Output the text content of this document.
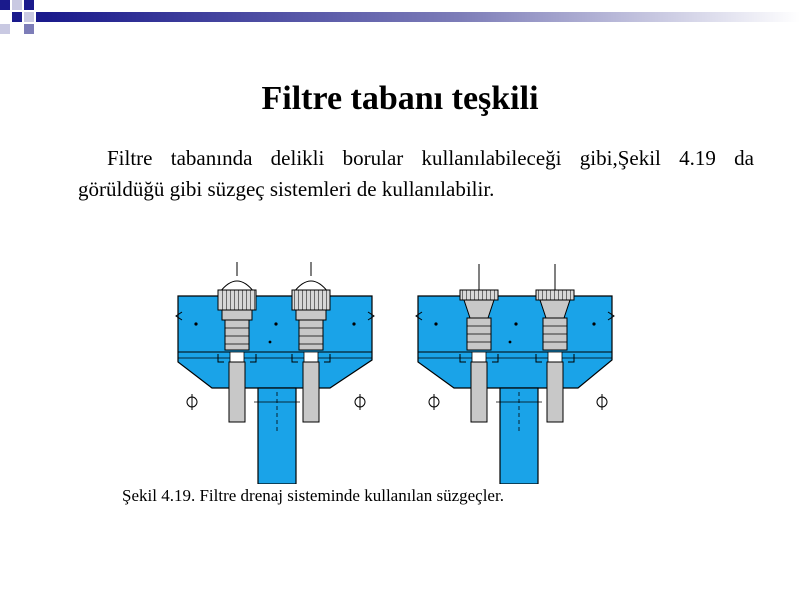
Filtre tabanı teşkili

Filtre tabanında delikli borular kullanılabileceği gibi,Şekil 4.19 da görüldüğü gibi süzgeç sistemleri de kullanılabilir.

Şekil 4.19. Filtre drenaj sisteminde kullanılan süzgeçler.
